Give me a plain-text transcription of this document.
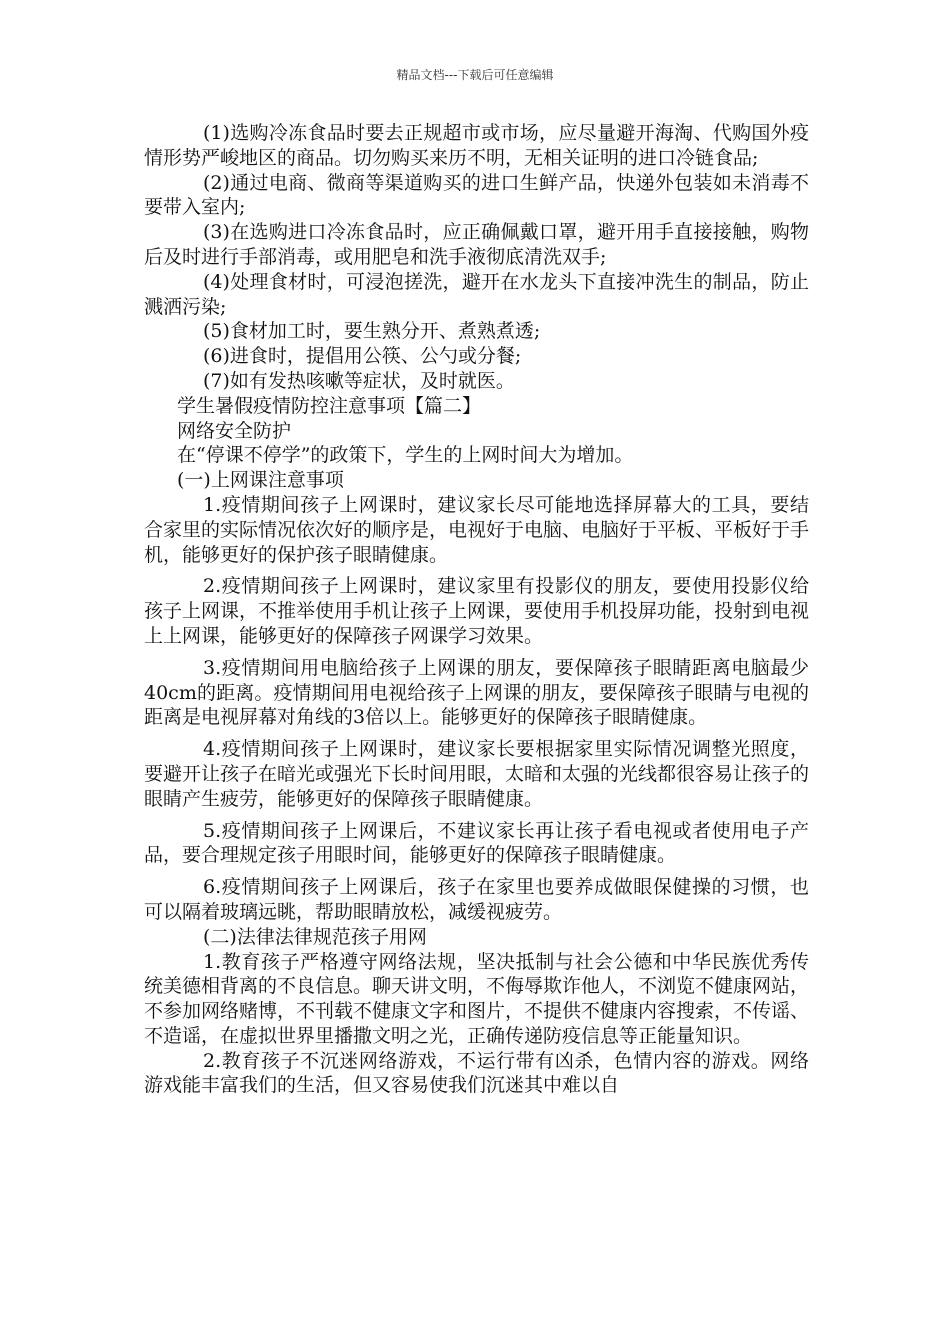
精品文档---下载后可任意编辑

(1)选购冷冻食品时要去正规超市或市场，应尽量避开海淘、代购国外疫情形势严峻地区的商品。切勿购买来历不明，无相关证明的进口冷链食品;

(2)通过电商、微商等渠道购买的进口生鲜产品，快递外包装如未消毒不要带入室内;

(3)在选购进口冷冻食品时，应正确佩戴口罩，避开用手直接接触，购物后及时进行手部消毒，或用肥皂和洗手液彻底清洗双手;

(4)处理食材时，可浸泡搓洗，避开在水龙头下直接冲洗生的制品，防止溅洒污染;

(5)食材加工时，要生熟分开、煮熟煮透;

(6)进食时，提倡用公筷、公勺或分餐;

(7)如有发热咳嗽等症状，及时就医。

学生暑假疫情防控注意事项【篇二】

网络安全防护

在“停课不停学”的政策下，学生的上网时间大为增加。

(一)上网课注意事项

1.疫情期间孩子上网课时，建议家长尽可能地选择屏幕大的工具，要结合家里的实际情况依次好的顺序是，电视好于电脑、电脑好于平板、平板好于手机，能够更好的保护孩子眼睛健康。

2.疫情期间孩子上网课时，建议家里有投影仪的朋友，要使用投影仪给孩子上网课，不推举使用手机让孩子上网课，要使用手机投屏功能，投射到电视上上网课，能够更好的保障孩子网课学习效果。

3.疫情期间用电脑给孩子上网课的朋友，要保障孩子眼睛距离电脑最少40cm的距离。疫情期间用电视给孩子上网课的朋友，要保障孩子眼睛与电视的距离是电视屏幕对角线的3倍以上。能够更好的保障孩子眼睛健康。

4.疫情期间孩子上网课时，建议家长要根据家里实际情况调整光照度，要避开让孩子在暗光或强光下长时间用眼，太暗和太强的光线都很容易让孩子的眼睛产生疲劳，能够更好的保障孩子眼睛健康。

5.疫情期间孩子上网课后，不建议家长再让孩子看电视或者使用电子产品，要合理规定孩子用眼时间，能够更好的保障孩子眼睛健康。

6.疫情期间孩子上网课后，孩子在家里也要养成做眼保健操的习惯，也可以隔着玻璃远眺，帮助眼睛放松，减缓视疲劳。

(二)法律法律规范孩子用网

1.教育孩子严格遵守网络法规，坚决抵制与社会公德和中华民族优秀传统美德相背离的不良信息。聊天讲文明，不侮辱欺诈他人，不浏览不健康网站，不参加网络赌博，不刊载不健康文字和图片，不提供不健康内容搜索，不传谣、不造谣，在虚拟世界里播撒文明之光，正确传递防疫信息等正能量知识。

2.教育孩子不沉迷网络游戏，不运行带有凶杀，色情内容的游戏。网络游戏能丰富我们的生活，但又容易使我们沉迷其中难以自
